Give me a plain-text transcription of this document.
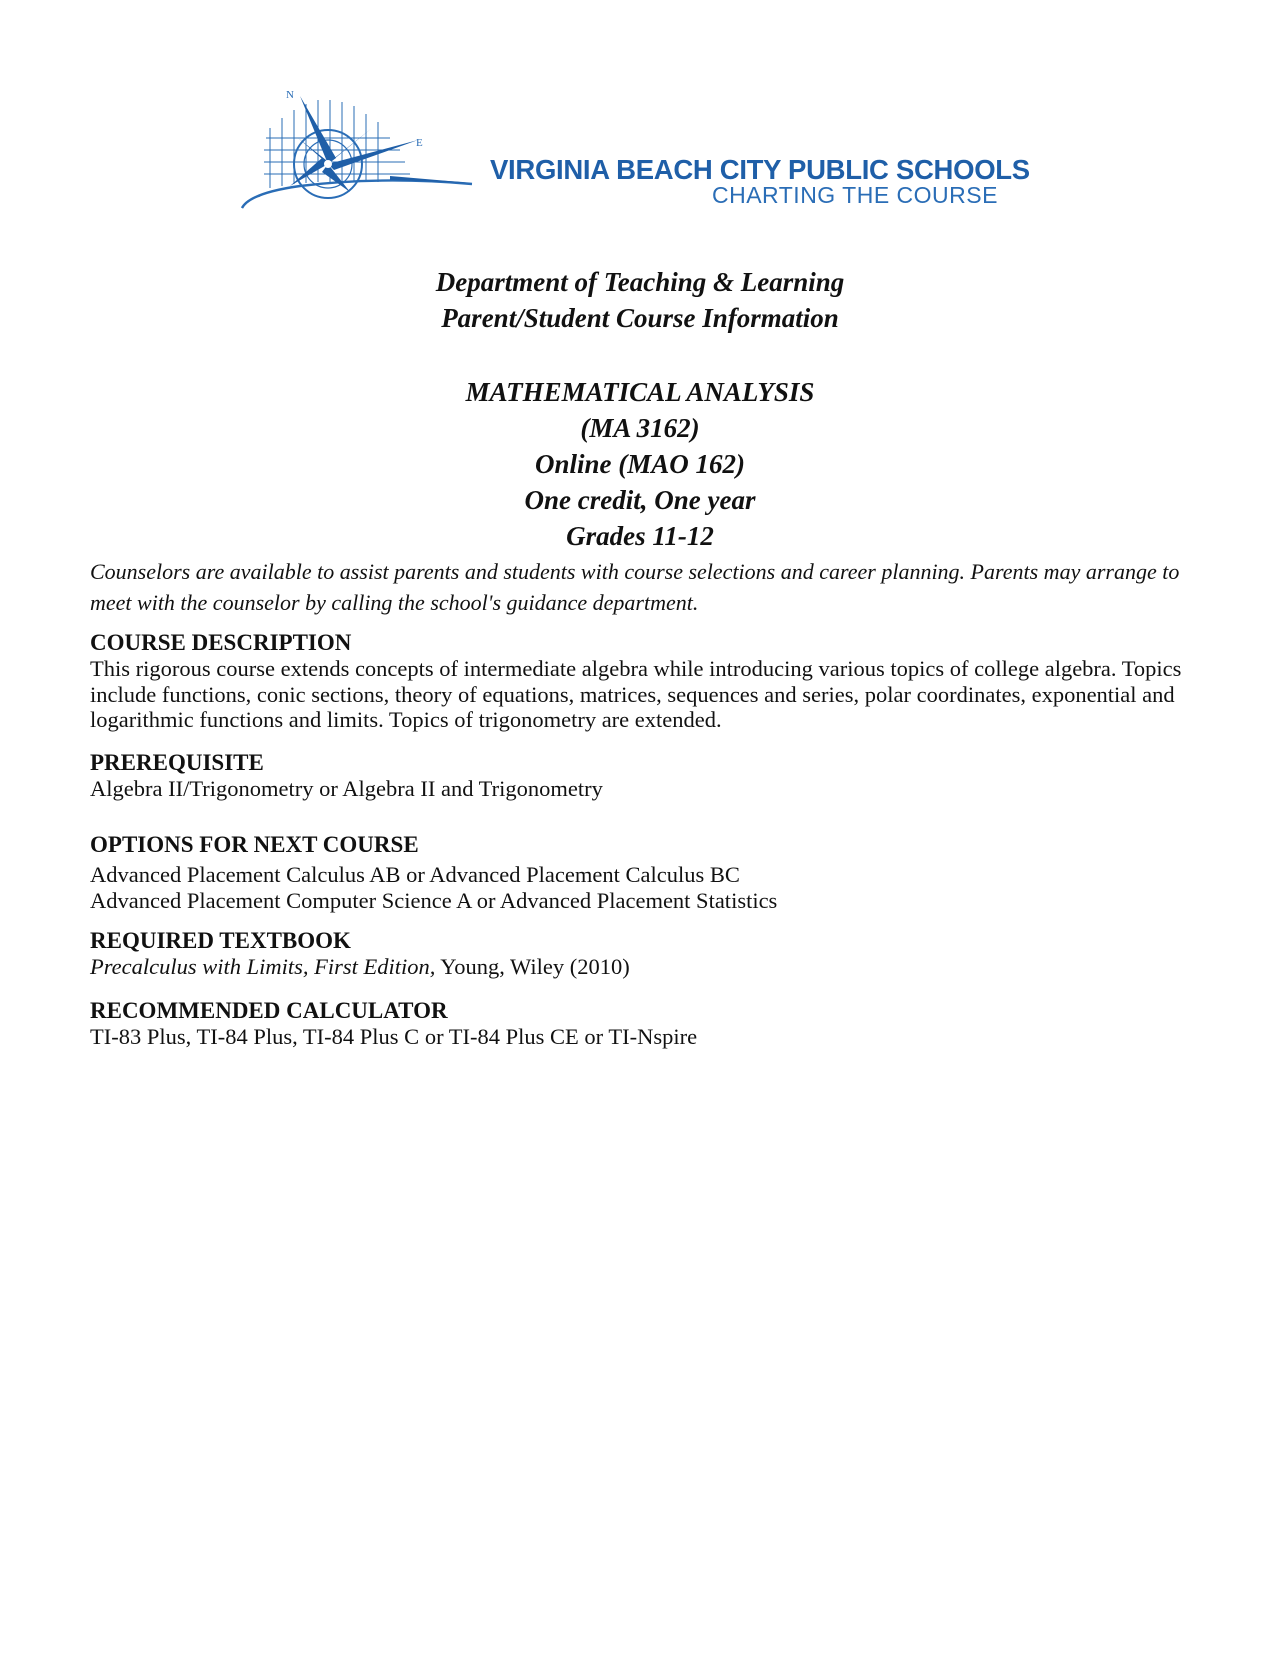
N
E
VIRGINIA BEACH CITY PUBLIC SCHOOLS
CHARTING THE COURSE
Department of Teaching & Learning
Parent/Student Course Information
MATHEMATICAL ANALYSIS
(MA 3162)
Online (MAO 162)
One credit, One year
Grades 11-12
Counselors are available to assist parents and students with course selections and career planning. Parents may arrange to meet with the counselor by calling the school's guidance department.
COURSE DESCRIPTION

This rigorous course extends concepts of intermediate algebra while introducing various topics of college algebra. Topics include functions, conic sections, theory of equations, matrices, sequences and series, polar coordinates, exponential and logarithmic functions and limits. Topics of trigonometry are extended.

PREREQUISITE

Algebra II/Trigonometry or Algebra II and Trigonometry

OPTIONS FOR NEXT COURSE

Advanced Placement Calculus AB or Advanced Placement Calculus BC

Advanced Placement Computer Science A or Advanced Placement Statistics

REQUIRED TEXTBOOK

Precalculus with Limits, First Edition, Young, Wiley (2010)

RECOMMENDED CALCULATOR

TI-83 Plus, TI-84 Plus, TI-84 Plus C or TI-84 Plus CE or TI-Nspire
